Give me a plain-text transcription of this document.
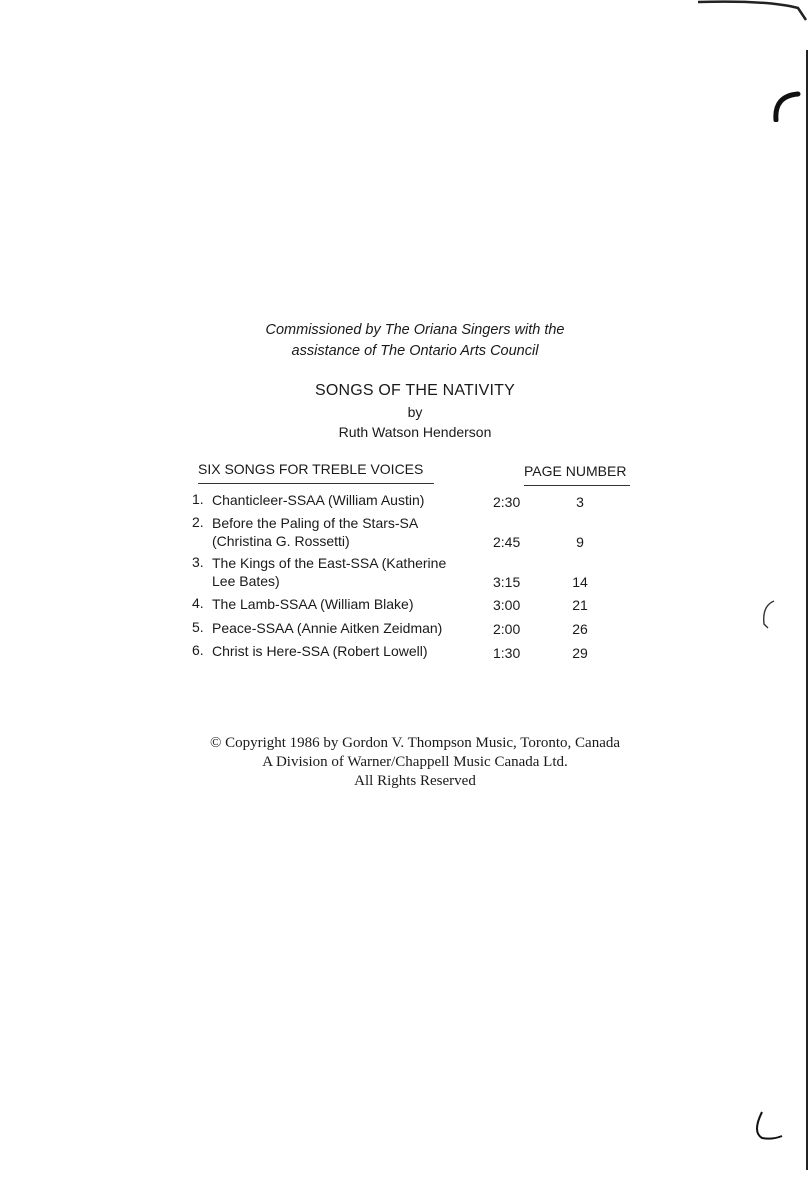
Commissioned by The Oriana Singers with the
assistance of The Ontario Arts Council
SONGS OF THE NATIVITY
by
Ruth Watson Henderson
SIX SONGS FOR TREBLE VOICES	PAGE NUMBER
1. Chanticleer-SSAA (William Austin)	2:30	3
2. Before the Paling of the Stars-SA
(Christina G. Rossetti)	2:45	9
3. The Kings of the East-SSA (Katherine
Lee Bates)	3:15	14
4. The Lamb-SSAA (William Blake)	3:00	21
5. Peace-SSAA (Annie Aitken Zeidman)	2:00	26
6. Christ is Here-SSA (Robert Lowell)	1:30	29
© Copyright 1986 by Gordon V. Thompson Music, Toronto, Canada
A Division of Warner/Chappell Music Canada Ltd.
All Rights Reserved
